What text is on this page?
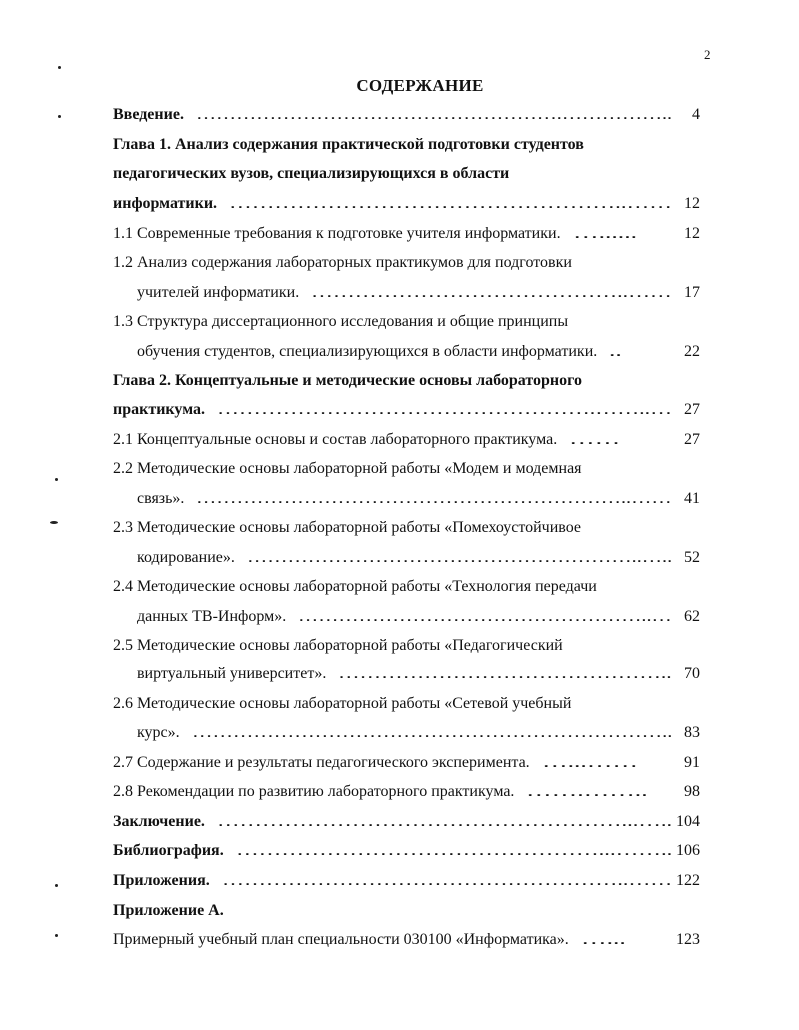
2
СОДЕРЖАНИЕ
Введение.	4
……………………………………………….……………..
Глава 1. Анализ содержания практической подготовки студентов
педагогических вузов, специализирующихся в области
информатики.	12
……………………………………………..……
1.1 Современные требования к подготовке учителя информатики.	12
…......
1.2 Анализ содержания лабораторных практикумов для подготовки
учителей информатики.	17
……………………………………..……
1.3 Структура диссертационного исследования и общие принципы
обучения студентов, специализирующихся в области информатики.	22
..
Глава 2. Концептуальные и методические основы лабораторного
практикума.	27
…………………………………………….……..…
2.1 Концептуальные основы и состав лабораторного практикума.	27
……
2.2 Методические основы лабораторной работы «Модем и модемная
связь».	41
………………………………………………………..……
2.3 Методические основы лабораторной работы «Помехоустойчивое
кодирование».	52
…………………………………………………..…..
2.4 Методические основы лабораторной работы «Технология передачи
данных ТВ-Информ».	62
……………………………………………..…
2.5 Методические основы лабораторной работы «Педагогический
виртуальный университет».	70
………………………………………..
2.6 Методические основы лабораторной работы «Сетевой учебный
курс».	83
……………………………………………………………..
2.7 Содержание и результаты педагогического эксперимента.	91
…...……
2.8 Рекомендации по развитию лабораторного практикума.	98
…….……..
Заключение.	104
………………………………………………...…..
Библиография.	106
…………………………………………...……..
Приложения.	122
………………………………………………..……
Приложение А.
Примерный учебный план специальности 030100 «Информатика».	123
…...
